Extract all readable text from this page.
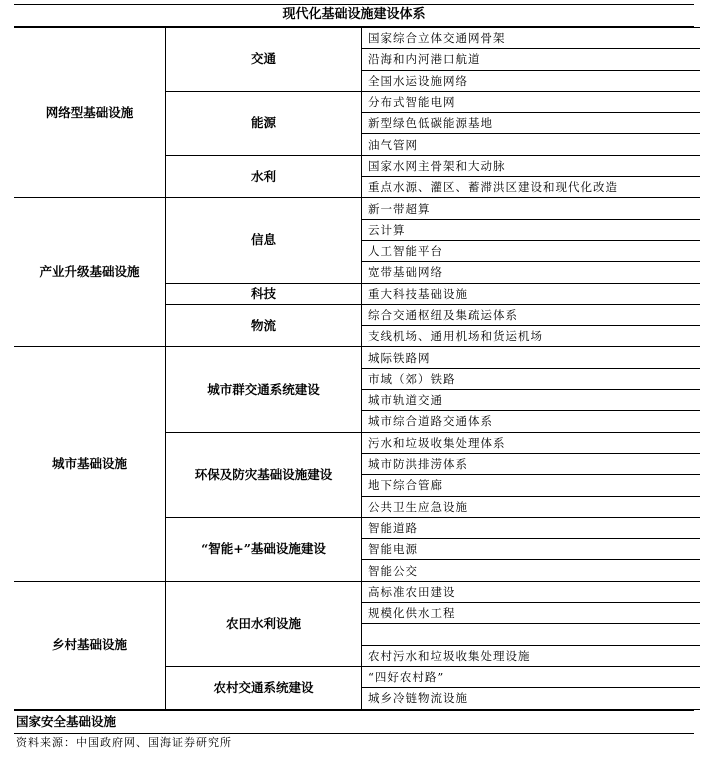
现代化基础设施建设体系
网络型基础设施	交通	国家综合立体交通网骨架
		沿海和内河港口航道
		全国水运设施网络
	能源	分布式智能电网
		新型绿色低碳能源基地
		油气管网
	水利	国家水网主骨架和大动脉
		重点水源、灌区、蓄滞洪区建设和现代化改造
产业升级基础设施	信息	新一带超算
		云计算
		人工智能平台
		宽带基础网络
	科技	重大科技基础设施
	物流	综合交通枢纽及集疏运体系
		支线机场、通用机场和货运机场
城市基础设施	城市群交通系统建设	城际铁路网
		市域（郊）铁路
		城市轨道交通
		城市综合道路交通体系
	环保及防灾基础设施建设	污水和垃圾收集处理体系
		城市防洪排涝体系
		地下综合管廊
		公共卫生应急设施
	“智能+”基础设施建设	智能道路
		智能电源
		智能公交
乡村基础设施	农田水利设施	高标准农田建设
		规模化供水工程

		农村污水和垃圾收集处理设施
	农村交通系统建设	“四好农村路”
		城乡冷链物流设施
国家安全基础设施
资料来源：中国政府网、国海证券研究所
